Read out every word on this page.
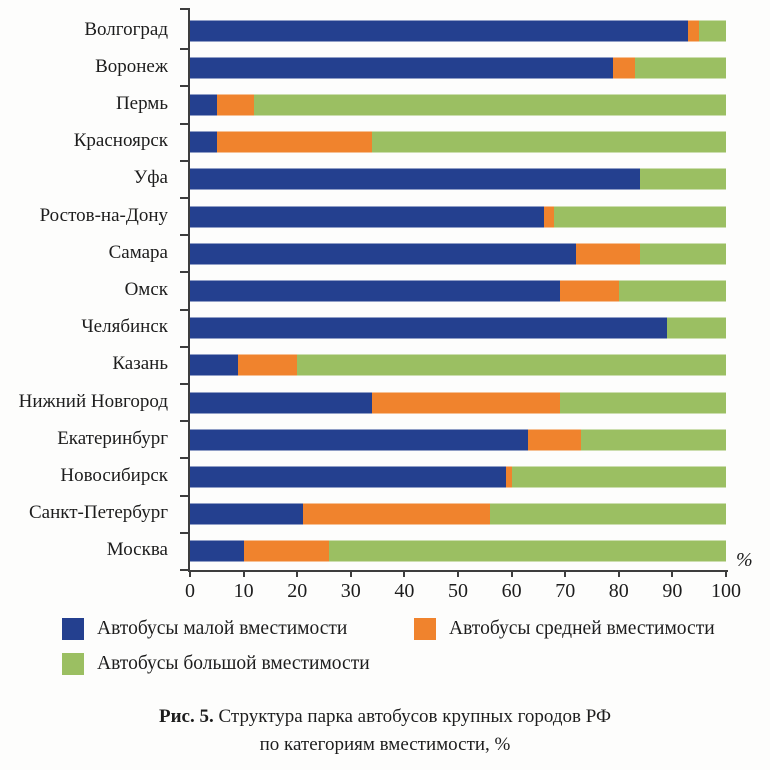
Волгоград
Воронеж
Пермь
Красноярск
Уфа
Ростов-на-Дону
Самара
Омск
Челябинск
Казань
Нижний Новгород
Екатеринбург
Новосибирск
Санкт-Петербург
Москва
0	10	20	30	40	50	60	70	80	90	100
%
Автобусы малой вместимости	Автобусы средней вместимости
Автобусы большой вместимости
Рис. 5. Структура парка автобусов крупных городов РФ
по категориям вместимости, %
